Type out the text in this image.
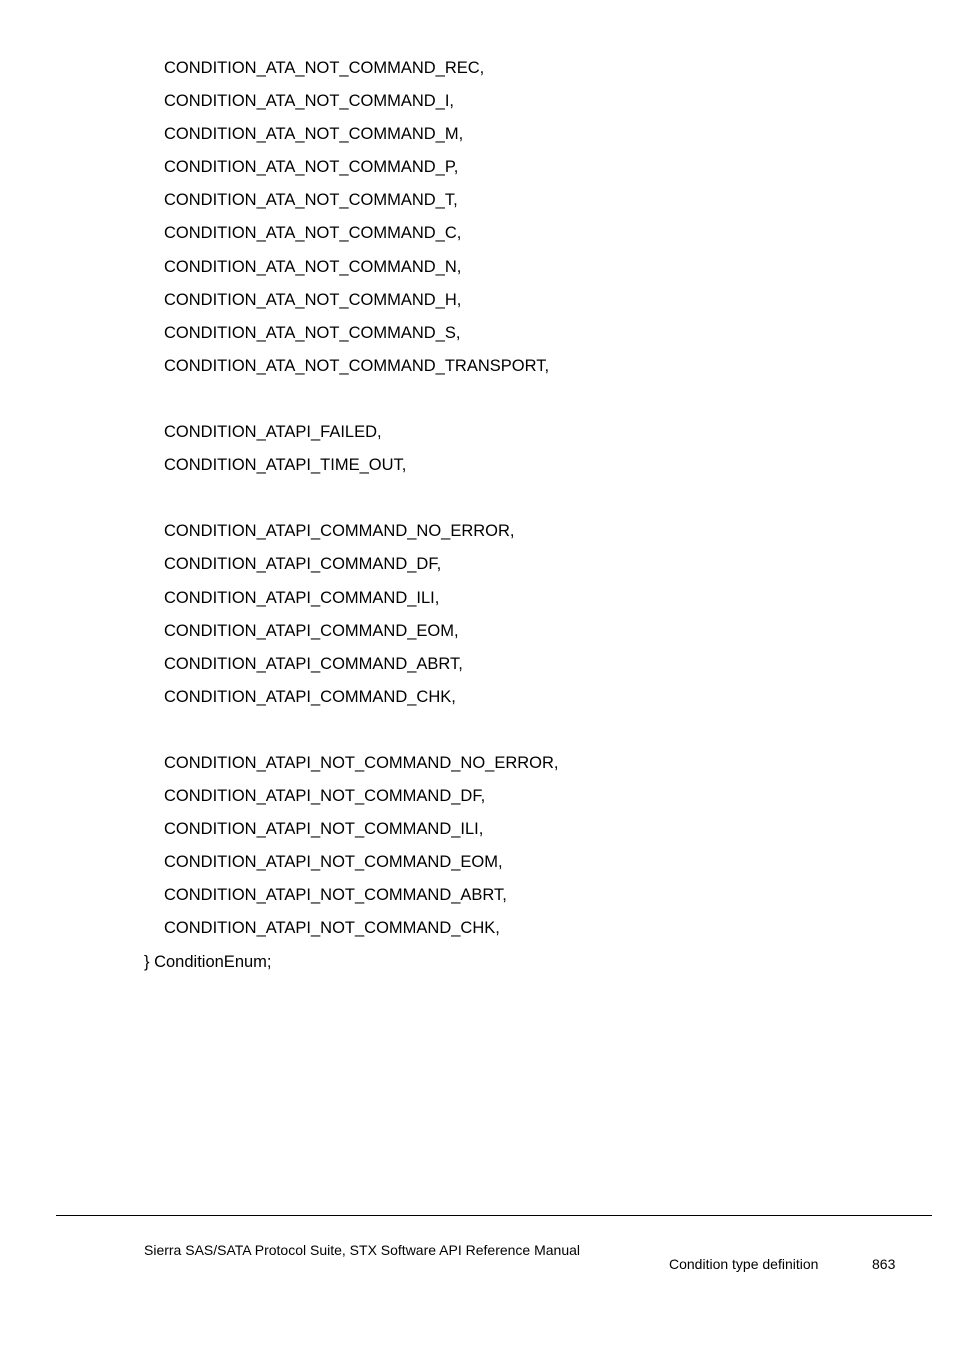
CONDITION_ATA_NOT_COMMAND_REC,
CONDITION_ATA_NOT_COMMAND_I,
CONDITION_ATA_NOT_COMMAND_M,
CONDITION_ATA_NOT_COMMAND_P,
CONDITION_ATA_NOT_COMMAND_T,
CONDITION_ATA_NOT_COMMAND_C,
CONDITION_ATA_NOT_COMMAND_N,
CONDITION_ATA_NOT_COMMAND_H,
CONDITION_ATA_NOT_COMMAND_S,
CONDITION_ATA_NOT_COMMAND_TRANSPORT,
CONDITION_ATAPI_FAILED,
CONDITION_ATAPI_TIME_OUT,
CONDITION_ATAPI_COMMAND_NO_ERROR,
CONDITION_ATAPI_COMMAND_DF,
CONDITION_ATAPI_COMMAND_ILI,
CONDITION_ATAPI_COMMAND_EOM,
CONDITION_ATAPI_COMMAND_ABRT,
CONDITION_ATAPI_COMMAND_CHK,
CONDITION_ATAPI_NOT_COMMAND_NO_ERROR,
CONDITION_ATAPI_NOT_COMMAND_DF,
CONDITION_ATAPI_NOT_COMMAND_ILI,
CONDITION_ATAPI_NOT_COMMAND_EOM,
CONDITION_ATAPI_NOT_COMMAND_ABRT,
CONDITION_ATAPI_NOT_COMMAND_CHK,
} ConditionEnum;
Sierra SAS/SATA Protocol Suite, STX Software API Reference Manual
Condition type definition	863
